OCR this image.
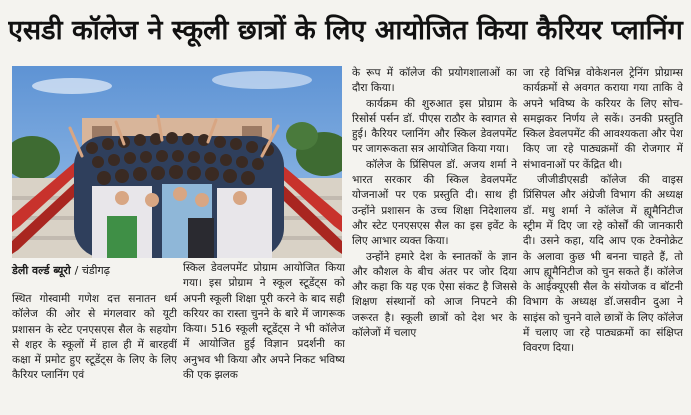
एसडी कॉलेज ने स्कूली छात्रों के लिए आयोजित किया कैरियर प्लानिंग
डेली वर्ल्ड ब्यूरो / चंडीगढ़

स्थित गोस्वामी गणेश दत्त सनातन धर्म कॉलेज की ओर से मंगलवार को यूटी प्रशासन के स्टेट एनएसएस सैल के सहयोग से शहर के स्कूलों में हाल ही में बारहवीं कक्षा में प्रमोट हुए स्टूडेंट्स के लिए के लिए कैरियर प्लानिंग एवं

स्किल डेवलपमेंट प्रोग्राम आयोजित किया गया। इस प्रोग्राम ने स्कूल स्टूडेंट्स को अपनी स्कूली शिक्षा पूरी करने के बाद सही करियर का रास्ता चुनने के बारे में जागरूक किया। 516 स्कूली स्टूडेंट्स ने भी कॉलेज में आयोजित हुई विज्ञान प्रदर्शनी का अनुभव भी किया और अपने निकट भविष्य की एक झलक

के रूप में कॉलेज की प्रयोगशालाओं का दौरा किया।

कार्यक्रम की शुरुआत इस प्रोग्राम के रिसोर्स पर्सन डॉ. पीएस राठौर के स्वागत से हुई। कैरियर प्लानिंग और स्किल डेवलपमेंट पर जागरूकता सत्र आयोजित किया गया।

कॉलेज के प्रिंसिपल डॉ. अजय शर्मा ने भारत सरकार की स्किल डेवलपमेंट योजनाओं पर एक प्रस्तुति दी। साथ ही उन्होंने प्रशासन के उच्च शिक्षा निदेशालय और स्टेट एनएसएस सैल का इस इवेंट के लिए आभार व्यक्त किया।

उन्होंने हमारे देश के स्नातकों के ज्ञान और कौशल के बीच अंतर पर जोर दिया और कहा कि यह एक ऐसा संकट है जिससे शिक्षण संस्थानों को आज निपटने की जरूरत है। स्कूली छात्रों को देश भर के कॉलेजों में चलाए

जा रहे विभिन्न वोकेशनल ट्रेनिंग प्रोग्राम्स कार्यक्रमों से अवगत कराया गया ताकि वे अपने भविष्य के करियर के लिए सोच-समझकर निर्णय ले सकें। उनकी प्रस्तुति स्किल डेवलपमेंट की आवश्यकता और पेश किए जा रहे पाठ्यक्रमों की रोजगार में संभावनाओं पर केंद्रित थी।

जीजीडीएसडी कॉलेज की वाइस प्रिंसिपल और अंग्रेजी विभाग की अध्यक्ष डॉ. मधु शर्मा ने कॉलेज में ह्यूमैनिटीज स्ट्रीम में दिए जा रहे कोर्सों की जानकारी दी। उसने कहा, यदि आप एक टेक्नोक्रेट के अलावा कुछ भी बनना चाहते हैं, तो आप ह्यूमैनिटीज को चुन सकते हैं। कॉलेज के आईक्यूएसी सैल के संयोजक व बॉटनी विभाग के अध्यक्ष डॉ.जसवीन दुआ ने साइंस को चुनने वाले छात्रों के लिए कॉलेज में चलाए जा रहे पाठ्यक्रमों का संक्षिप्त विवरण दिया।
